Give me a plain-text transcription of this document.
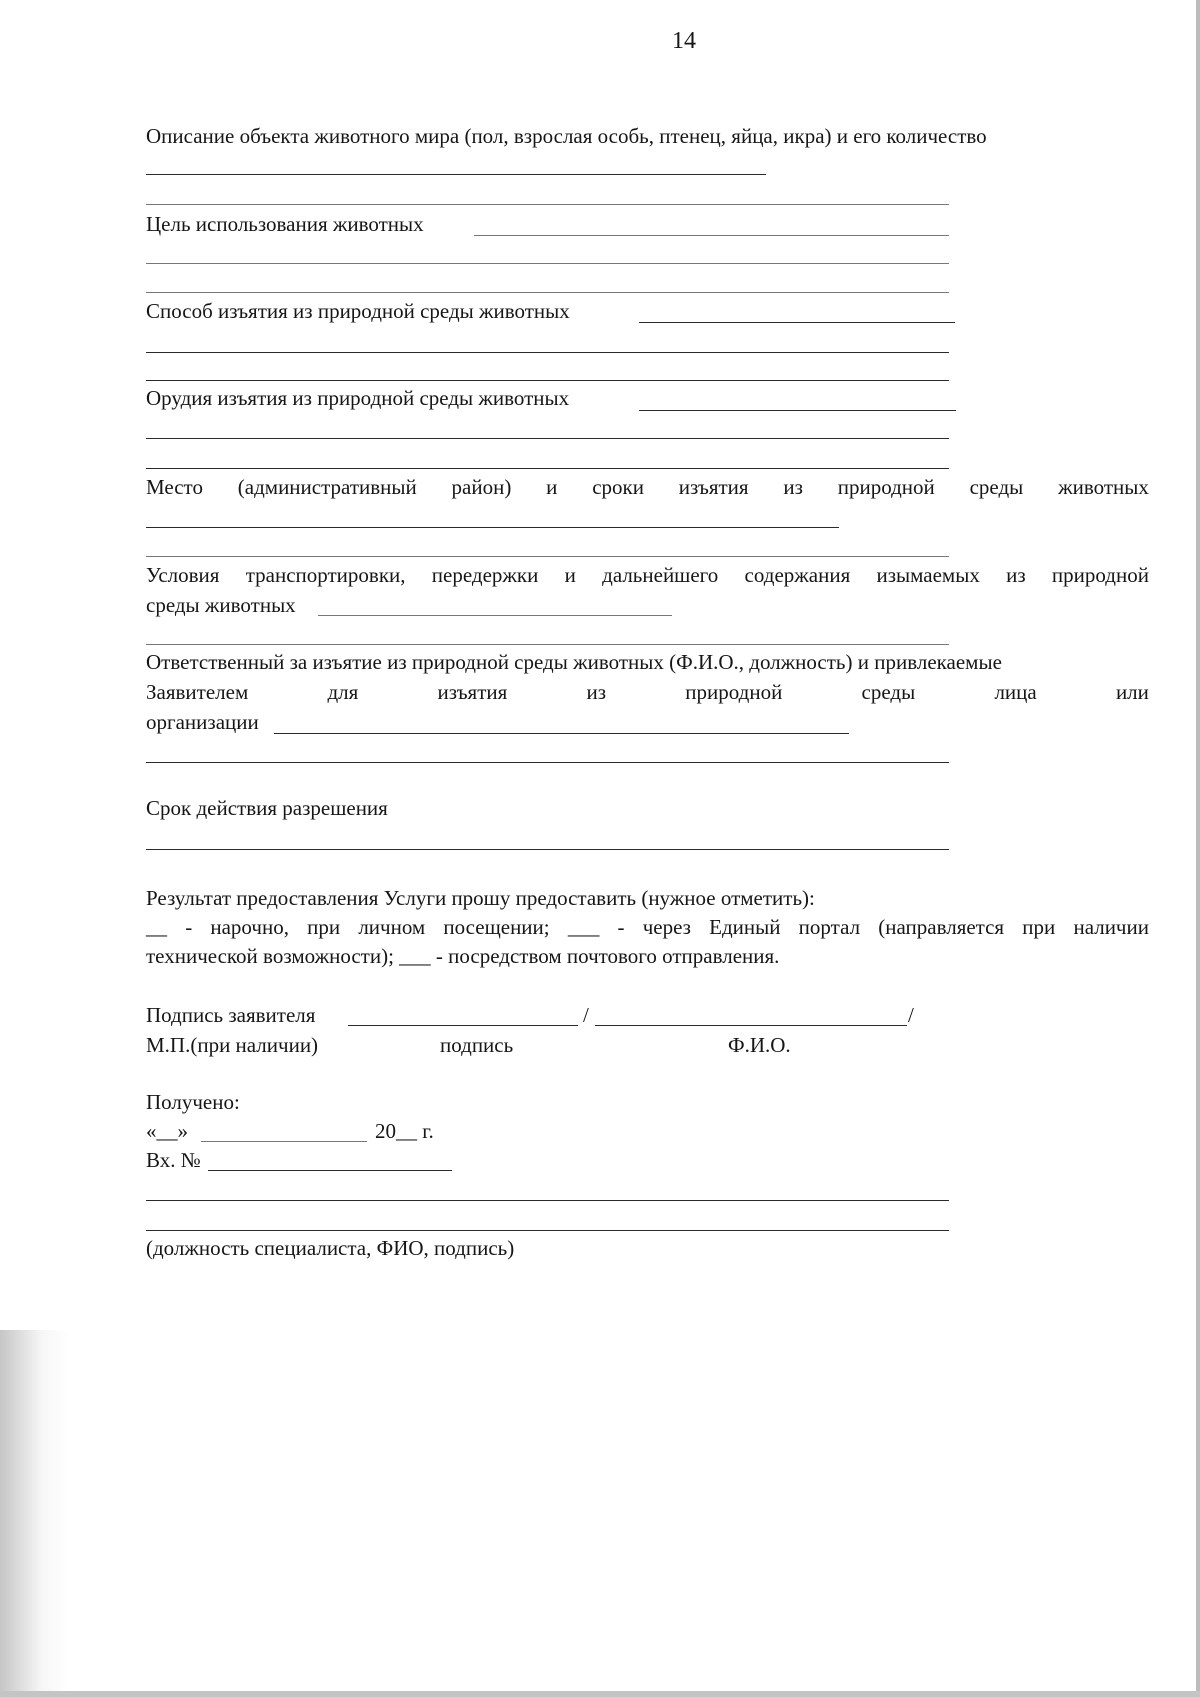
14
Описание объекта животного мира (пол, взрослая особь, птенец, яйца, икра) и его количество
Цель использования животных
Способ изъятия из природной среды животных
Орудия изъятия из природной среды животных
Место (административный район) и сроки изъятия из природной среды животных
Условия транспортировки, передержки и дальнейшего содержания изымаемых из природной
среды животных
Ответственный за изъятие из природной среды животных (Ф.И.О., должность) и привлекаемые
Заявителем	для	изъятия	из	природной	среды	лица	или
организации
Срок действия разрешения
Результат предоставления Услуги прошу предоставить (нужное отметить):
__ - нарочно, при личном посещении; ___ - через Единый портал (направляется при наличии
технической возможности); ___ - посредством почтового отправления.
Подпись заявителя	/	/
М.П.(при наличии)	подпись	Ф.И.О.
Получено:
«__»	20__ г.
Вх. №
(должность специалиста, ФИО, подпись)
